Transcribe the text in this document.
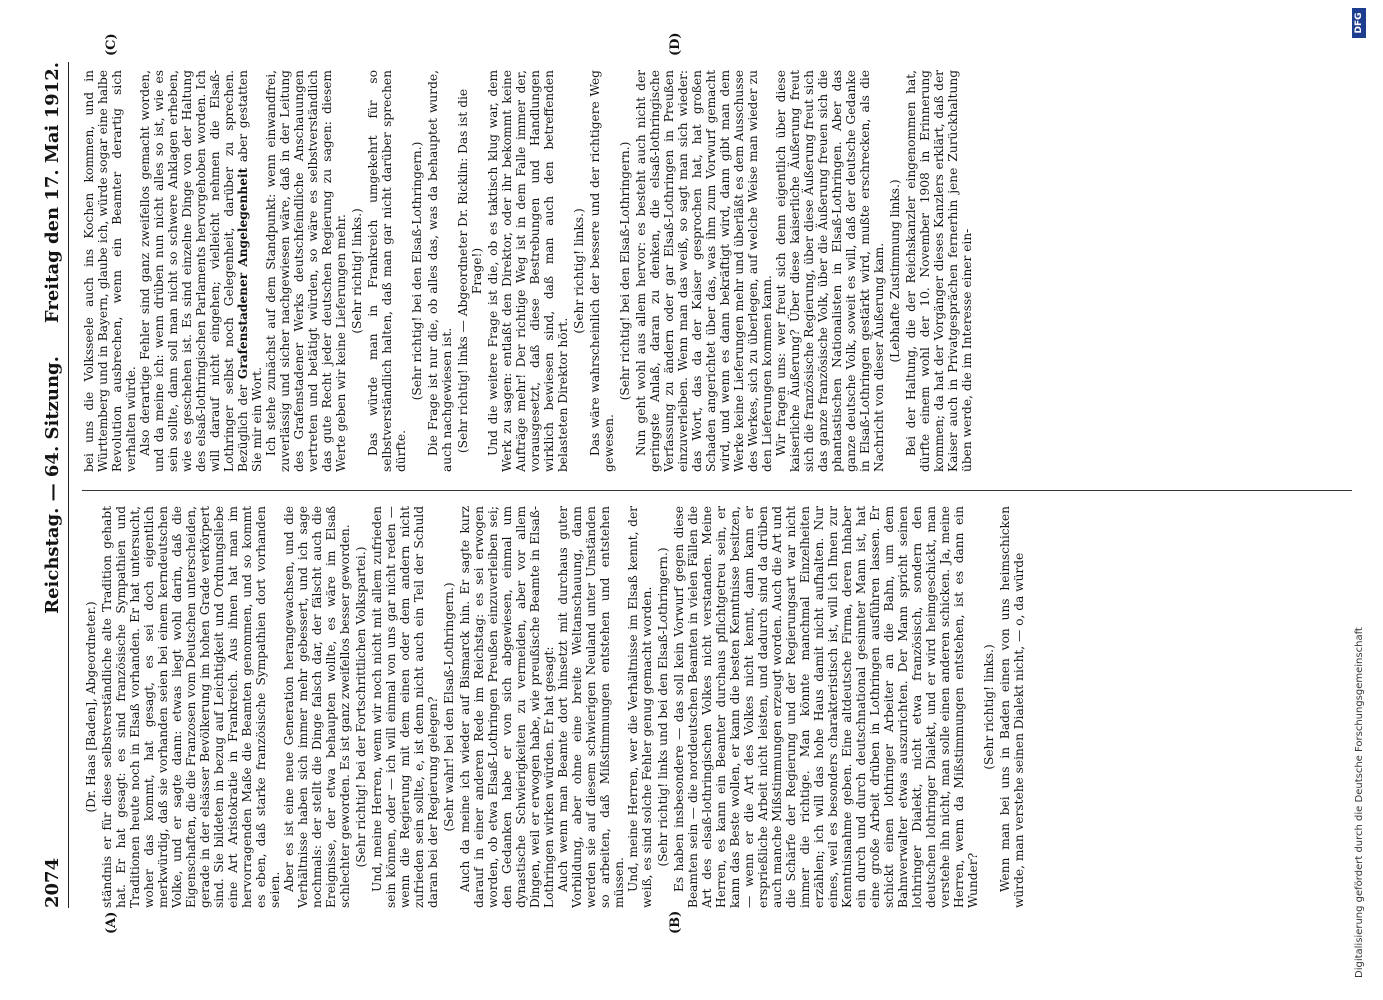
2074
Reichstag. — 64. Sitzung.
Freitag den 17. Mai 1912.
(A)	(B)
(C)	(D)

(Dr. Haas [Baden], Abgeordneter.) ständnis er für diese selbstverständliche alte Tradition gehabt hat. Er hat gesagt: es sind französische Sympathien und Traditionen heute noch in Elsaß vorhanden. Er hat untersucht, woher das kommt, hat gesagt, es sei doch eigentlich merkwürdig, daß sie vorhanden seien bei einem kerndeutschen Volke, und er sagte dann: etwas liegt wohl darin, daß die Eigenschaften, die die Franzosen vom Deutschen unterscheiden, gerade in der elsässer Bevölkerung im hohen Grade verkörpert sind. Sie bildeten in bezug auf Leichtigkeit und Ordnungsliebe eine Art Aristokratie in Frankreich. Aus ihnen hat man im hervorragenden Maße die Beamten genommen, und so kommt es eben, daß starke französische Sympathien dort vorhanden seien. Aber es ist eine neue Generation herangewachsen, und die Verhältnisse haben sich immer mehr gebessert, und ich sage nochmals: der stellt die Dinge falsch dar, der fälscht auch die Ereignisse, der etwa behaupten wollte, es wäre im Elsaß schlechter geworden. Es ist ganz zweifellos besser geworden. (Sehr richtig! bei der Fortschrittlichen Volkspartei.) Und, meine Herren, wenn wir noch nicht mit allem zufrieden sein können, oder — ich will einmal von uns gar nicht reden — wenn die Regierung mit dem einen oder dem andern nicht zufrieden sein sollte, e, ist denn nicht auch ein Teil der Schuld daran bei der Regierung gelegen? (Sehr wahr! bei den Elsaß-Lothringern.) Auch da meine ich wieder auf Bismarck hin. Er sagte kurz darauf in einer anderen Rede im Reichstag: es sei erwogen worden, ob etwa Elsaß-Lothringen Preußen einzuverleiben sei; den Gedanken habe er von sich abgewiesen, einmal um dynastische Schwierigkeiten zu vermeiden, aber vor allem Dingen, weil er erwogen habe, wie preußische Beamte in Elsaß-Lothringen wirken würden. Er hat gesagt: Auch wenn man Beamte dort hinsetzt mit durchaus guter Vorbildung, aber ohne eine breite Weltanschauung, dann werden sie auf diesem schwierigen Neuland unter Umständen so arbeiten, daß Mißstimmungen entstehen und entstehen müssen. Und, meine Herren, wer die Verhältnisse im Elsaß kennt, der weiß, es sind solche Fehler genug gemacht worden. (Sehr richtig! links und bei den Elsaß-Lothringern.) Es haben insbesondere — das soll kein Vorwurf gegen diese Beamten sein — die norddeutschen Beamten in vielen Fällen die Art des elsaß-lothringischen Volkes nicht verstanden. Meine Herren, es kann ein Beamter durchaus pflichtgetreu sein, er kann das Beste wollen, er kann die besten Kenntnisse besitzen, — wenn er die Art des Volkes nicht kennt, dann kann er ersprießliche Arbeit nicht leisten, und dadurch sind da drüben auch manche Mißstimmungen erzeugt worden. Auch die Art und die Schärfe der Regierung und der Regierungsart war nicht immer die richtige. Man könnte manchmal Einzelheiten erzählen; ich will das hohe Haus damit nicht aufhalten. Nur eines, weil es besonders charakteristisch ist, will ich Ihnen zur Kenntnisnahme geben. Eine altdeutsche Firma, deren Inhaber ein durch und durch deutschnational gesinnter Mann ist, hat eine große Arbeit drüben in Lothringen ausführen lassen. Er schickt einen lothringer Arbeiter an die Bahn, um dem Bahnverwalter etwas auszurichten. Der Mann spricht seinen lothringer Dialekt, nicht etwa französisch, sondern den deutschen lothringer Dialekt, und er wird heimgeschickt, man verstehe ihn nicht, man solle einen anderen schicken. Ja, meine Herren, wenn da Mißstimmungen entstehen, ist es dann ein Wunder?

(Sehr richtig! links.) Wenn man bei uns in Baden einen von uns heimschicken würde, man verstehe seinen Dialekt nicht, — o, da würde

bei uns die Volksseele auch ins Kochen kommen, und in Württemberg und in Bayern, glaube ich, würde sogar eine halbe Revolution ausbrechen, wenn ein Beamter derartig sich verhalten würde. Also derartige Fehler sind ganz zweifellos gemacht worden, und da meine ich: wenn drüben nun nicht alles so ist, wie es sein sollte, dann soll man nicht so schwere Anklagen erheben, wie es geschehen ist. Es sind einzelne Dinge von der Haltung des elsaß-lothringischen Parlaments hervorgehoben worden. Ich will darauf nicht eingehen; vielleicht nehmen die Elsaß-Lothringer selbst noch Gelegenheit, darüber zu sprechen. Bezüglich der Grafenstadener Angelegenheit aber gestatten Sie mir ein Wort. Ich stehe zunächst auf dem Standpunkt: wenn einwandfrei, zuverlässig und sicher nachgewiesen wäre, daß in der Leitung des Grafenstadener Werks deutschfeindliche Anschauungen vertreten und betätigt würden, so wäre es selbstverständlich das gute Recht jeder deutschen Regierung zu sagen: diesem Werte geben wir keine Lieferungen mehr. (Sehr richtig! links.) Das würde man in Frankreich umgekehrt für so selbstverständlich halten, daß man gar nicht darüber sprechen dürfte.

(Sehr richtig! bei den Elsaß-Lothringern.) Die Frage ist nur die, ob alles das, was da behauptet wurde, auch nachgewiesen ist. (Sehr richtig! links — Abgeordneter Dr. Ricklin: Das ist die Frage!) Und die weitere Frage ist die, ob es taktisch klug war, dem Werk zu sagen: entlaßt den Direktor, oder ihr bekommt keine Aufträge mehr! Der richtige Weg ist in dem Falle immer der, vorausgesetzt, daß diese Bestrebungen und Handlungen wirklich bewiesen sind, daß man auch den betreffenden belasteten Direktor hört.

(Sehr richtig! links.) Das wäre wahrscheinlich der bessere und der richtigere Weg gewesen.

(Sehr richtig! bei den Elsaß-Lothringern.) Nun geht wohl aus allem hervor: es besteht auch nicht der geringste Anlaß, daran zu denken, die elsaß-lothringische Verfassung zu ändern oder gar Elsaß-Lothringen in Preußen einzuverleiben. Wenn man das weiß, so sagt man sich wieder: das Wort, das da der Kaiser gesprochen hat, hat großen Schaden angerichtet über das, was ihm zum Vorwurf gemacht wird, und wenn es dann bekräftigt wird, dann gibt man dem Werke keine Lieferungen mehr und überläßt es dem Ausschusse des Werkes, sich zu überlegen, auf welche Weise man wieder zu den Lieferungen kommen kann. Wir fragen uns: wer freut sich denn eigentlich über diese kaiserliche Äußerung? Über diese kaiserliche Äußerung freut sich die französische Regierung, über diese Äußerung freut sich das ganze französische Volk, über die Äußerung freuen sich die phantastischen Nationalisten in Elsaß-Lothringen. Aber das ganze deutsche Volk, soweit es will, daß der deutsche Gedanke in Elsaß-Lothringen gestärkt wird, mußte erschrecken, als die Nachricht von dieser Äußerung kam. (Lebhafte Zustimmung links.) Bei der Haltung, die der Reichskanzler eingenommen hat, dürfte einem wohl der 10. November 1908 in Erinnerung kommen; da hat der Vorgänger dieses Kanzlers erklärt, daß der Kaiser auch in Privatgesprächen fernerhin jene Zurückhaltung üben werde, die im Interesse einer ein-

Digitalisierung gefördert durch die Deutsche Forschungsgemeinschaft
DFG
